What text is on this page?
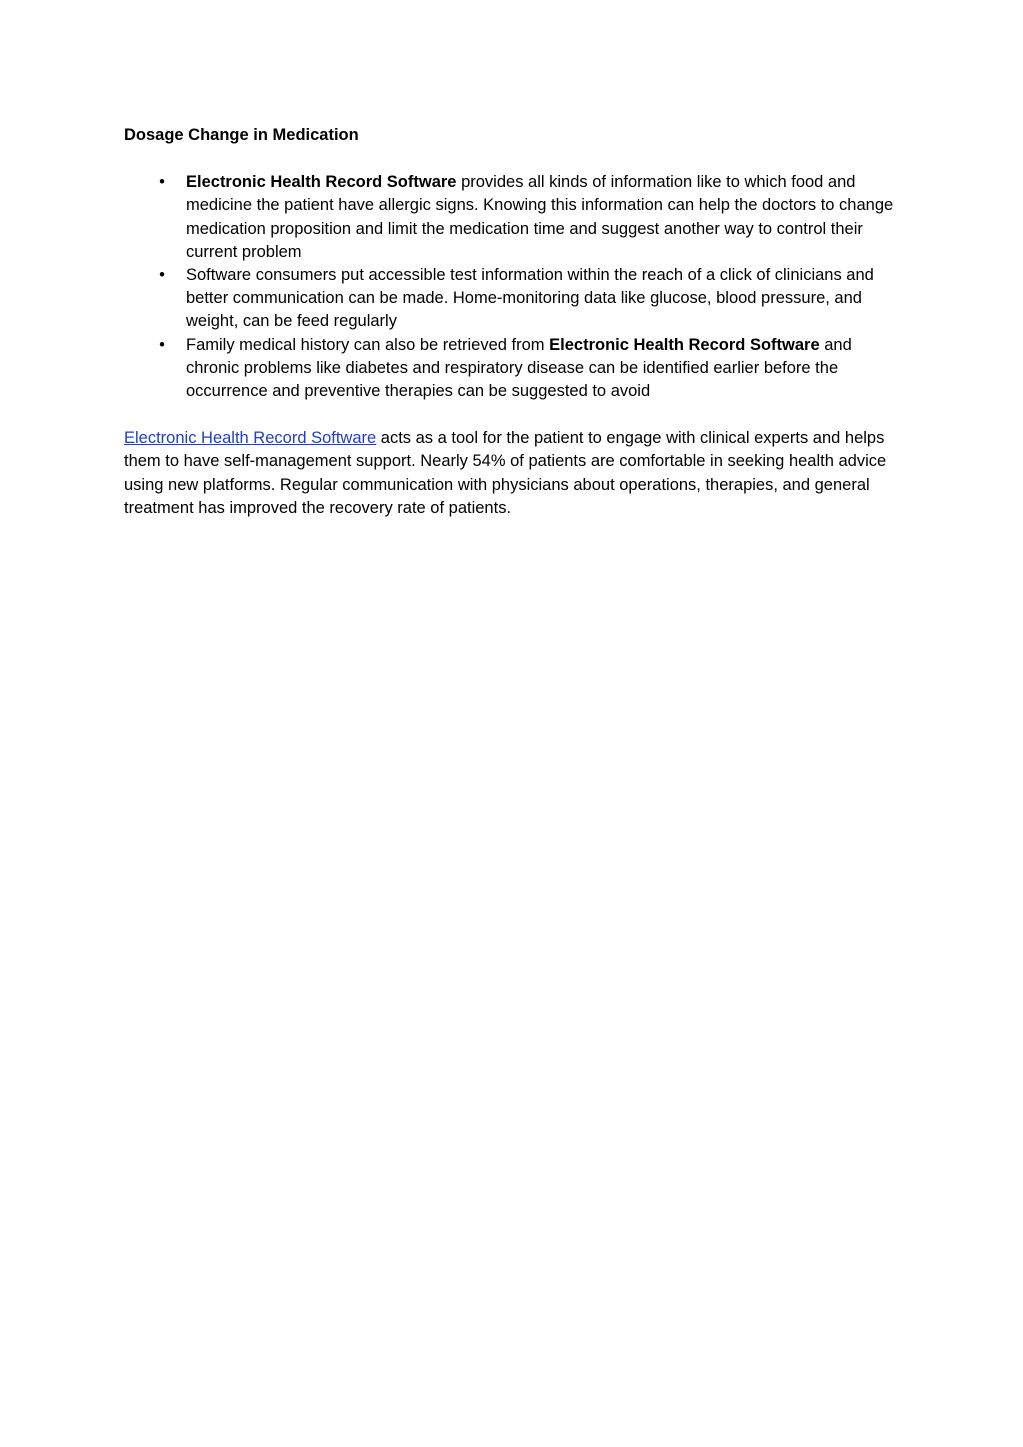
Dosage Change in Medication

• Electronic Health Record Software provides all kinds of information like to which food and medicine the patient have allergic signs. Knowing this information can help the doctors to change medication proposition and limit the medication time and suggest another way to control their current problem
• Software consumers put accessible test information within the reach of a click of clinicians and better communication can be made. Home-monitoring data like glucose, blood pressure, and weight, can be feed regularly
• Family medical history can also be retrieved from Electronic Health Record Software and chronic problems like diabetes and respiratory disease can be identified earlier before the occurrence and preventive therapies can be suggested to avoid

Electronic Health Record Software acts as a tool for the patient to engage with clinical experts and helps them to have self-management support. Nearly 54% of patients are comfortable in seeking health advice using new platforms. Regular communication with physicians about operations, therapies, and general treatment has improved the recovery rate of patients.
